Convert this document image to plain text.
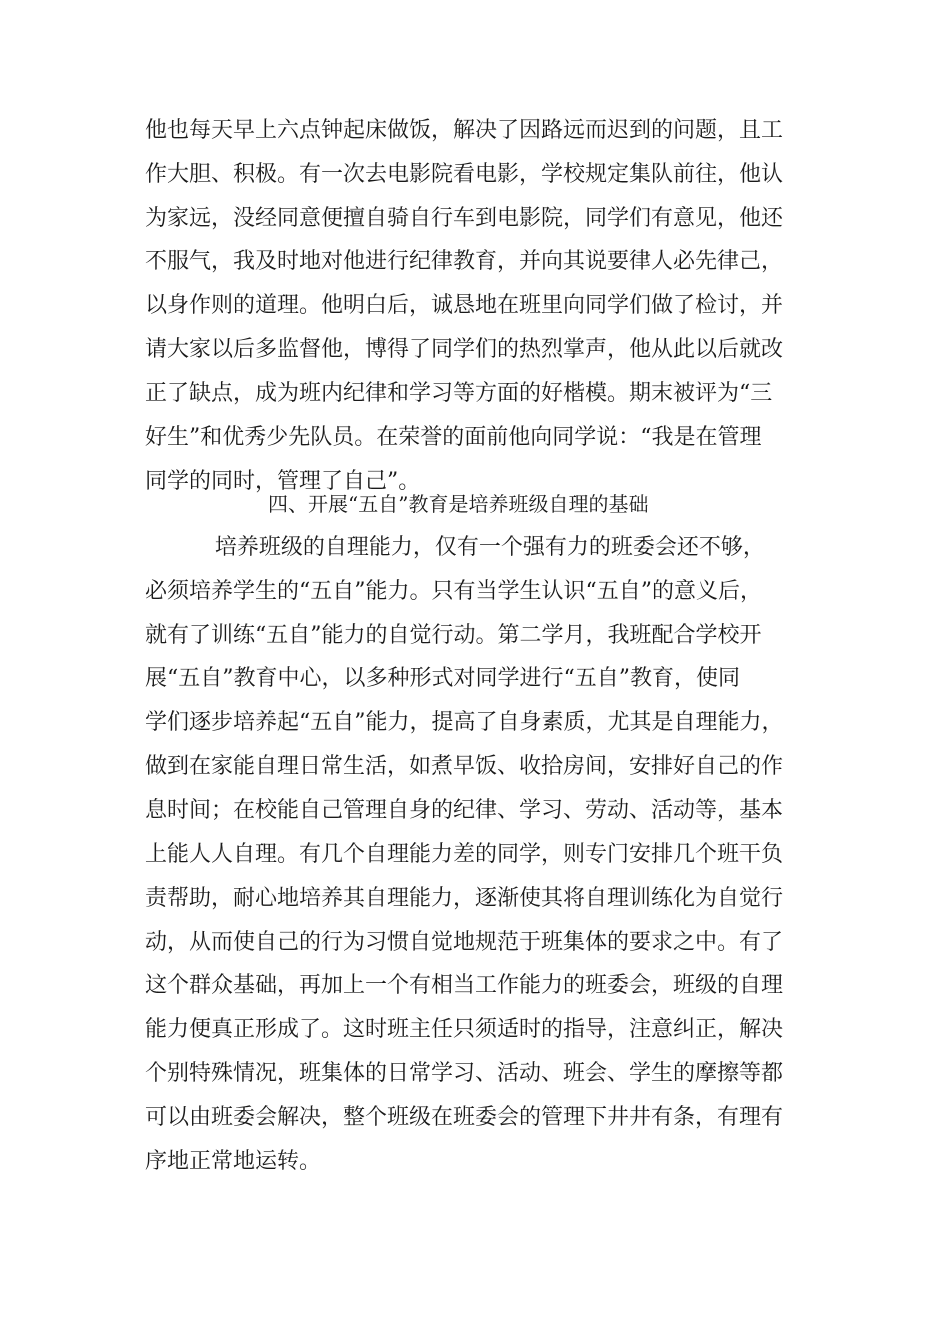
他也每天早上六点钟起床做饭，解决了因路远而迟到的问题，且工
作大胆、积极。有一次去电影院看电影，学校规定集队前往，他认
为家远，没经同意便擅自骑自行车到电影院，同学们有意见，他还
不服气，我及时地对他进行纪律教育，并向其说要律人必先律己，
以身作则的道理。他明白后，诚恳地在班里向同学们做了检讨，并
请大家以后多监督他，博得了同学们的热烈掌声，他从此以后就改
正了缺点，成为班内纪律和学习等方面的好楷模。期末被评为“三
好生”和优秀少先队员。在荣誉的面前他向同学说：“我是在管理
同学的同时，管理了自己”。
四、开展“五自”教育是培养班级自理的基础
培养班级的自理能力，仅有一个强有力的班委会还不够，
必须培养学生的“五自”能力。只有当学生认识“五自”的意义后，
就有了训练“五自”能力的自觉行动。第二学月，我班配合学校开
展“五自”教育中心，以多种形式对同学进行“五自”教育，使同
学们逐步培养起“五自”能力，提高了自身素质，尤其是自理能力，
做到在家能自理日常生活，如煮早饭、收拾房间，安排好自己的作
息时间；在校能自己管理自身的纪律、学习、劳动、活动等，基本
上能人人自理。有几个自理能力差的同学，则专门安排几个班干负
责帮助，耐心地培养其自理能力，逐渐使其将自理训练化为自觉行
动，从而使自己的行为习惯自觉地规范于班集体的要求之中。有了
这个群众基础，再加上一个有相当工作能力的班委会，班级的自理
能力便真正形成了。这时班主任只须适时的指导，注意纠正，解决
个别特殊情况，班集体的日常学习、活动、班会、学生的摩擦等都
可以由班委会解决，整个班级在班委会的管理下井井有条，有理有
序地正常地运转。
